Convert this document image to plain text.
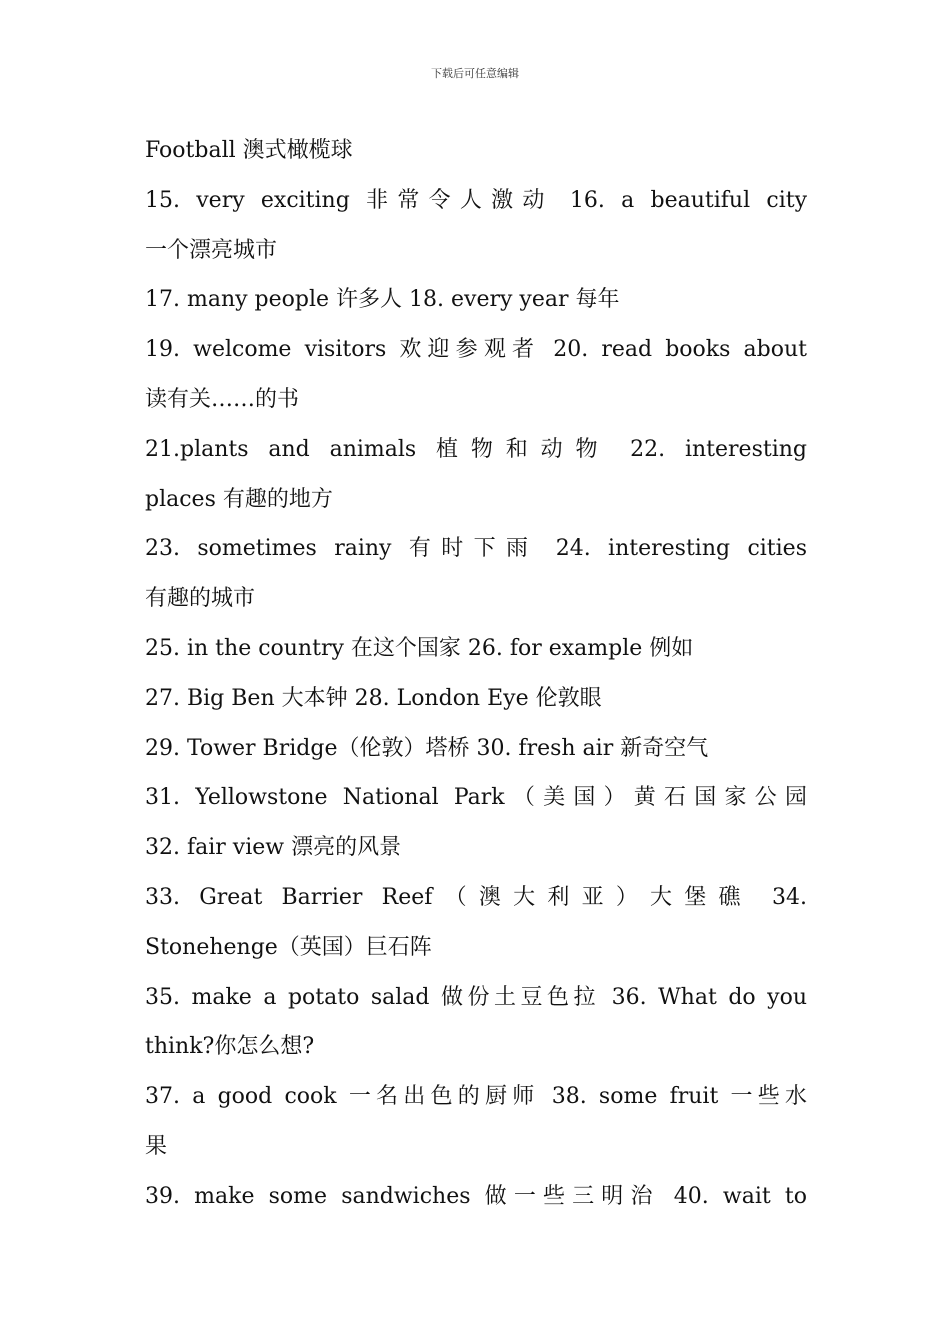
下载后可任意编辑
Football 澳式橄榄球
15. very exciting 非常令人激动 16. a beautiful city
一个漂亮城市
17. many people 许多人 18. every year 每年
19. welcome visitors 欢迎参观者 20. read books about
读有关……的书
21.plants and animals 植物和动物 22. interesting
places 有趣的地方
23. sometimes rainy 有时下雨 24. interesting cities
有趣的城市
25. in the country 在这个国家 26. for example 例如
27. Big Ben 大本钟 28. London Eye 伦敦眼
29. Tower Bridge（伦敦）塔桥 30. fresh air 新奇空气
31. Yellowstone National Park（美国）黄石国家公园
32. fair view 漂亮的风景
33. Great Barrier Reef（澳大利亚）大堡礁 34.
Stonehenge（英国）巨石阵
35. make a potato salad 做份土豆色拉 36. What do you
think?你怎么想?
37. a good cook 一名出色的厨师 38. some fruit 一些水
果
39. make some sandwiches 做一些三明治 40. wait to
